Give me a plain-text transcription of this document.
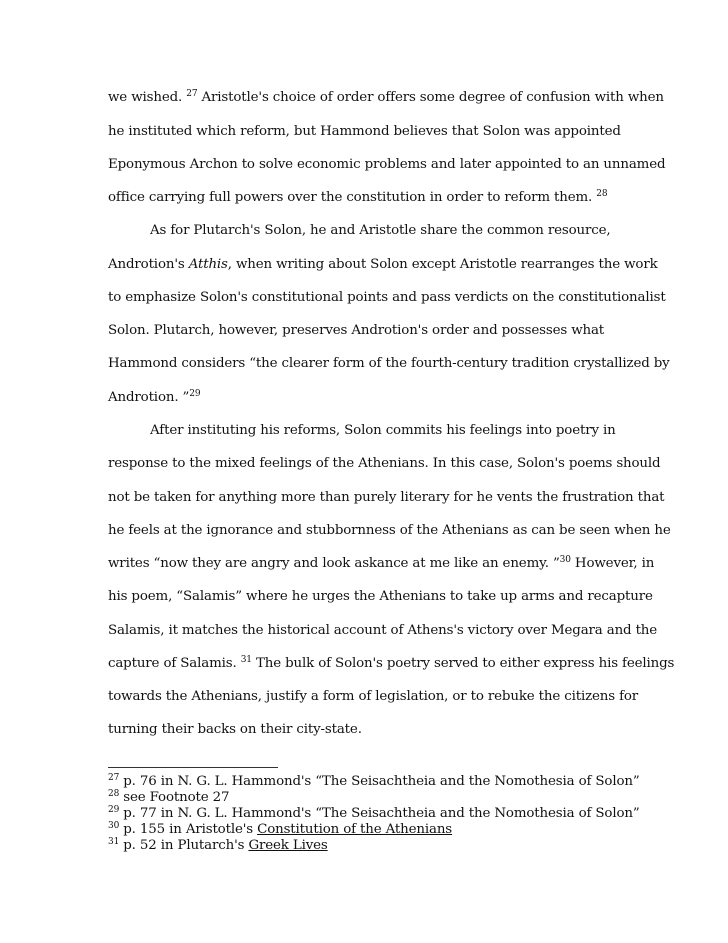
we wished. $^{27}$ Aristotle's choice of order offers some degree of confusion with when
he instituted which reform, but Hammond believes that Solon was appointed
Eponymous Archon to solve economic problems and later appointed to an unnamed
office carrying full powers over the constitution in order to reform them. $^{28}$
As for Plutarch's Solon, he and Aristotle share the common resource,
Androtion's Atthis, when writing about Solon except Aristotle rearranges the work
to emphasize Solon's constitutional points and pass verdicts on the constitutionalist
Solon. Plutarch, however, preserves Androtion's order and possesses what
Hammond considers “the clearer form of the fourth-century tradition crystallized by
Androtion. ”$^{29}$
After instituting his reforms, Solon commits his feelings into poetry in
response to the mixed feelings of the Athenians. In this case, Solon's poems should
not be taken for anything more than purely literary for he vents the frustration that
he feels at the ignorance and stubbornness of the Athenians as can be seen when he
writes “now they are angry and look askance at me like an enemy. ”$^{30}$ However, in
his poem, “Salamis” where he urges the Athenians to take up arms and recapture
Salamis, it matches the historical account of Athens's victory over Megara and the
capture of Salamis. $^{31}$ The bulk of Solon's poetry served to either express his feelings
towards the Athenians, justify a form of legislation, or to rebuke the citizens for
turning their backs on their city-state.
$^{27}$ p. 76 in N. G. L. Hammond's “The Seisachtheia and the Nomothesia of Solon”
$^{28}$ see Footnote 27
$^{29}$ p. 77 in N. G. L. Hammond's “The Seisachtheia and the Nomothesia of Solon”
$^{30}$ p. 155 in Aristotle's Constitution of the Athenians
$^{31}$ p. 52 in Plutarch's Greek Lives
